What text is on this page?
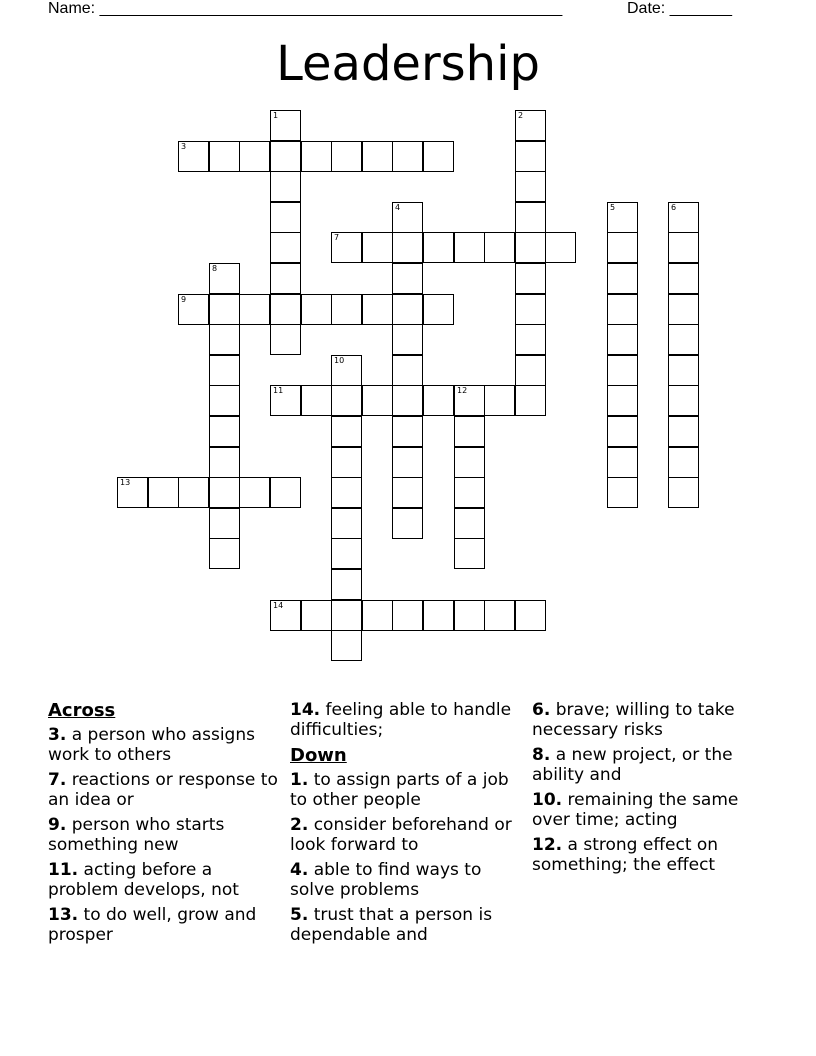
Name: ____________________________________________________	Date: _______
Leadership
1	2
3
4	5	6
7
8
9
10
11	12
13
14
Across
3. a person who assigns work to others
7. reactions or response to an idea or
9. person who starts something new
11. acting before a problem develops, not
13. to do well, grow and prosper
14. feeling able to handle difficulties;
Down
1. to assign parts of a job to other people
2. consider beforehand or look forward to
4. able to find ways to solve problems
5. trust that a person is dependable and
6. brave; willing to take necessary risks
8. a new project, or the ability and
10. remaining the same over time; acting
12. a strong effect on something; the effect
